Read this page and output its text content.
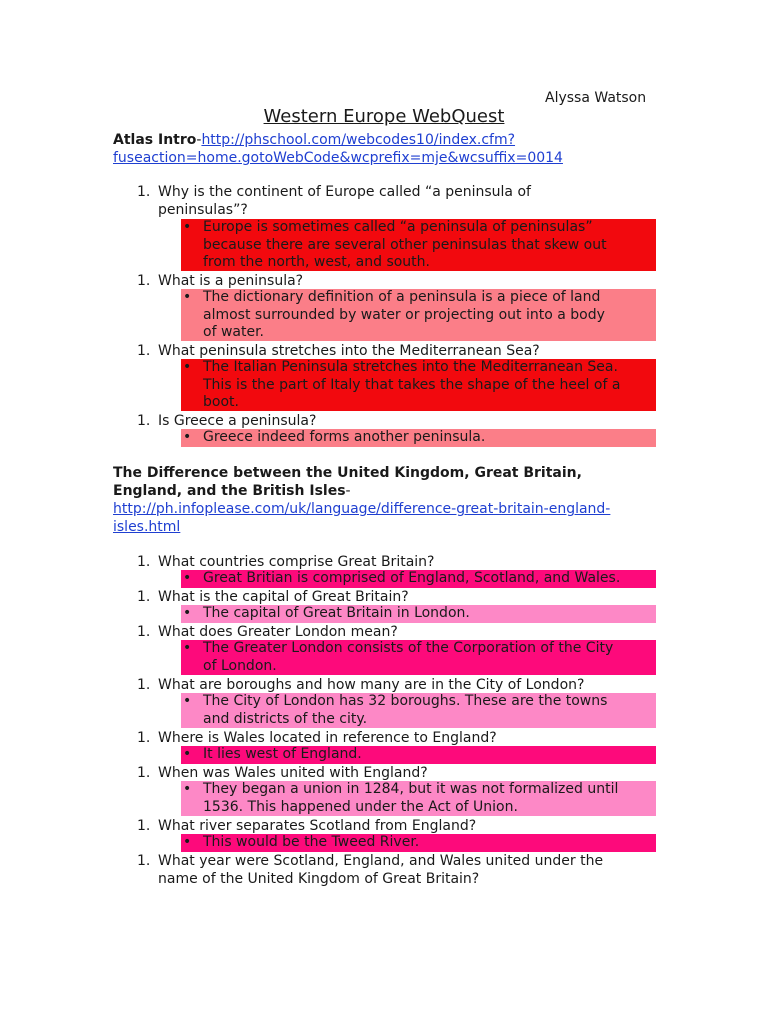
Alyssa Watson
Western Europe WebQuest
Atlas Intro-http://phschool.com/webcodes10/index.cfm?
fuseaction=home.gotoWebCode&wcprefix=mje&wcsuffix=0014
1. Why is the continent of Europe called “a peninsula of
peninsulas”?
• Europe is sometimes called “a peninsula of peninsulas”
because there are several other peninsulas that skew out
from the north, west, and south.
1. What is a peninsula?
• The dictionary definition of a peninsula is a piece of land
almost surrounded by water or projecting out into a body
of water.
1. What peninsula stretches into the Mediterranean Sea?
• The Italian Peninsula stretches into the Mediterranean Sea.
This is the part of Italy that takes the shape of the heel of a
boot.
1. Is Greece a peninsula?
• Greece indeed forms another peninsula.
The Difference between the United Kingdom, Great Britain,
England, and the British Isles-
http://ph.infoplease.com/uk/language/difference-great-britain-england-
isles.html
1. What countries comprise Great Britain?
• Great Britian is comprised of England, Scotland, and Wales.
1. What is the capital of Great Britain?
• The capital of Great Britain in London.
1. What does Greater London mean?
• The Greater London consists of the Corporation of the City
of London.
1. What are boroughs and how many are in the City of London?
• The City of London has 32 boroughs. These are the towns
and districts of the city.
1. Where is Wales located in reference to England?
• It lies west of England.
1. When was Wales united with England?
• They began a union in 1284, but it was not formalized until
1536. This happened under the Act of Union.
1. What river separates Scotland from England?
• This would be the Tweed River.
1. What year were Scotland, England, and Wales united under the
name of the United Kingdom of Great Britain?
